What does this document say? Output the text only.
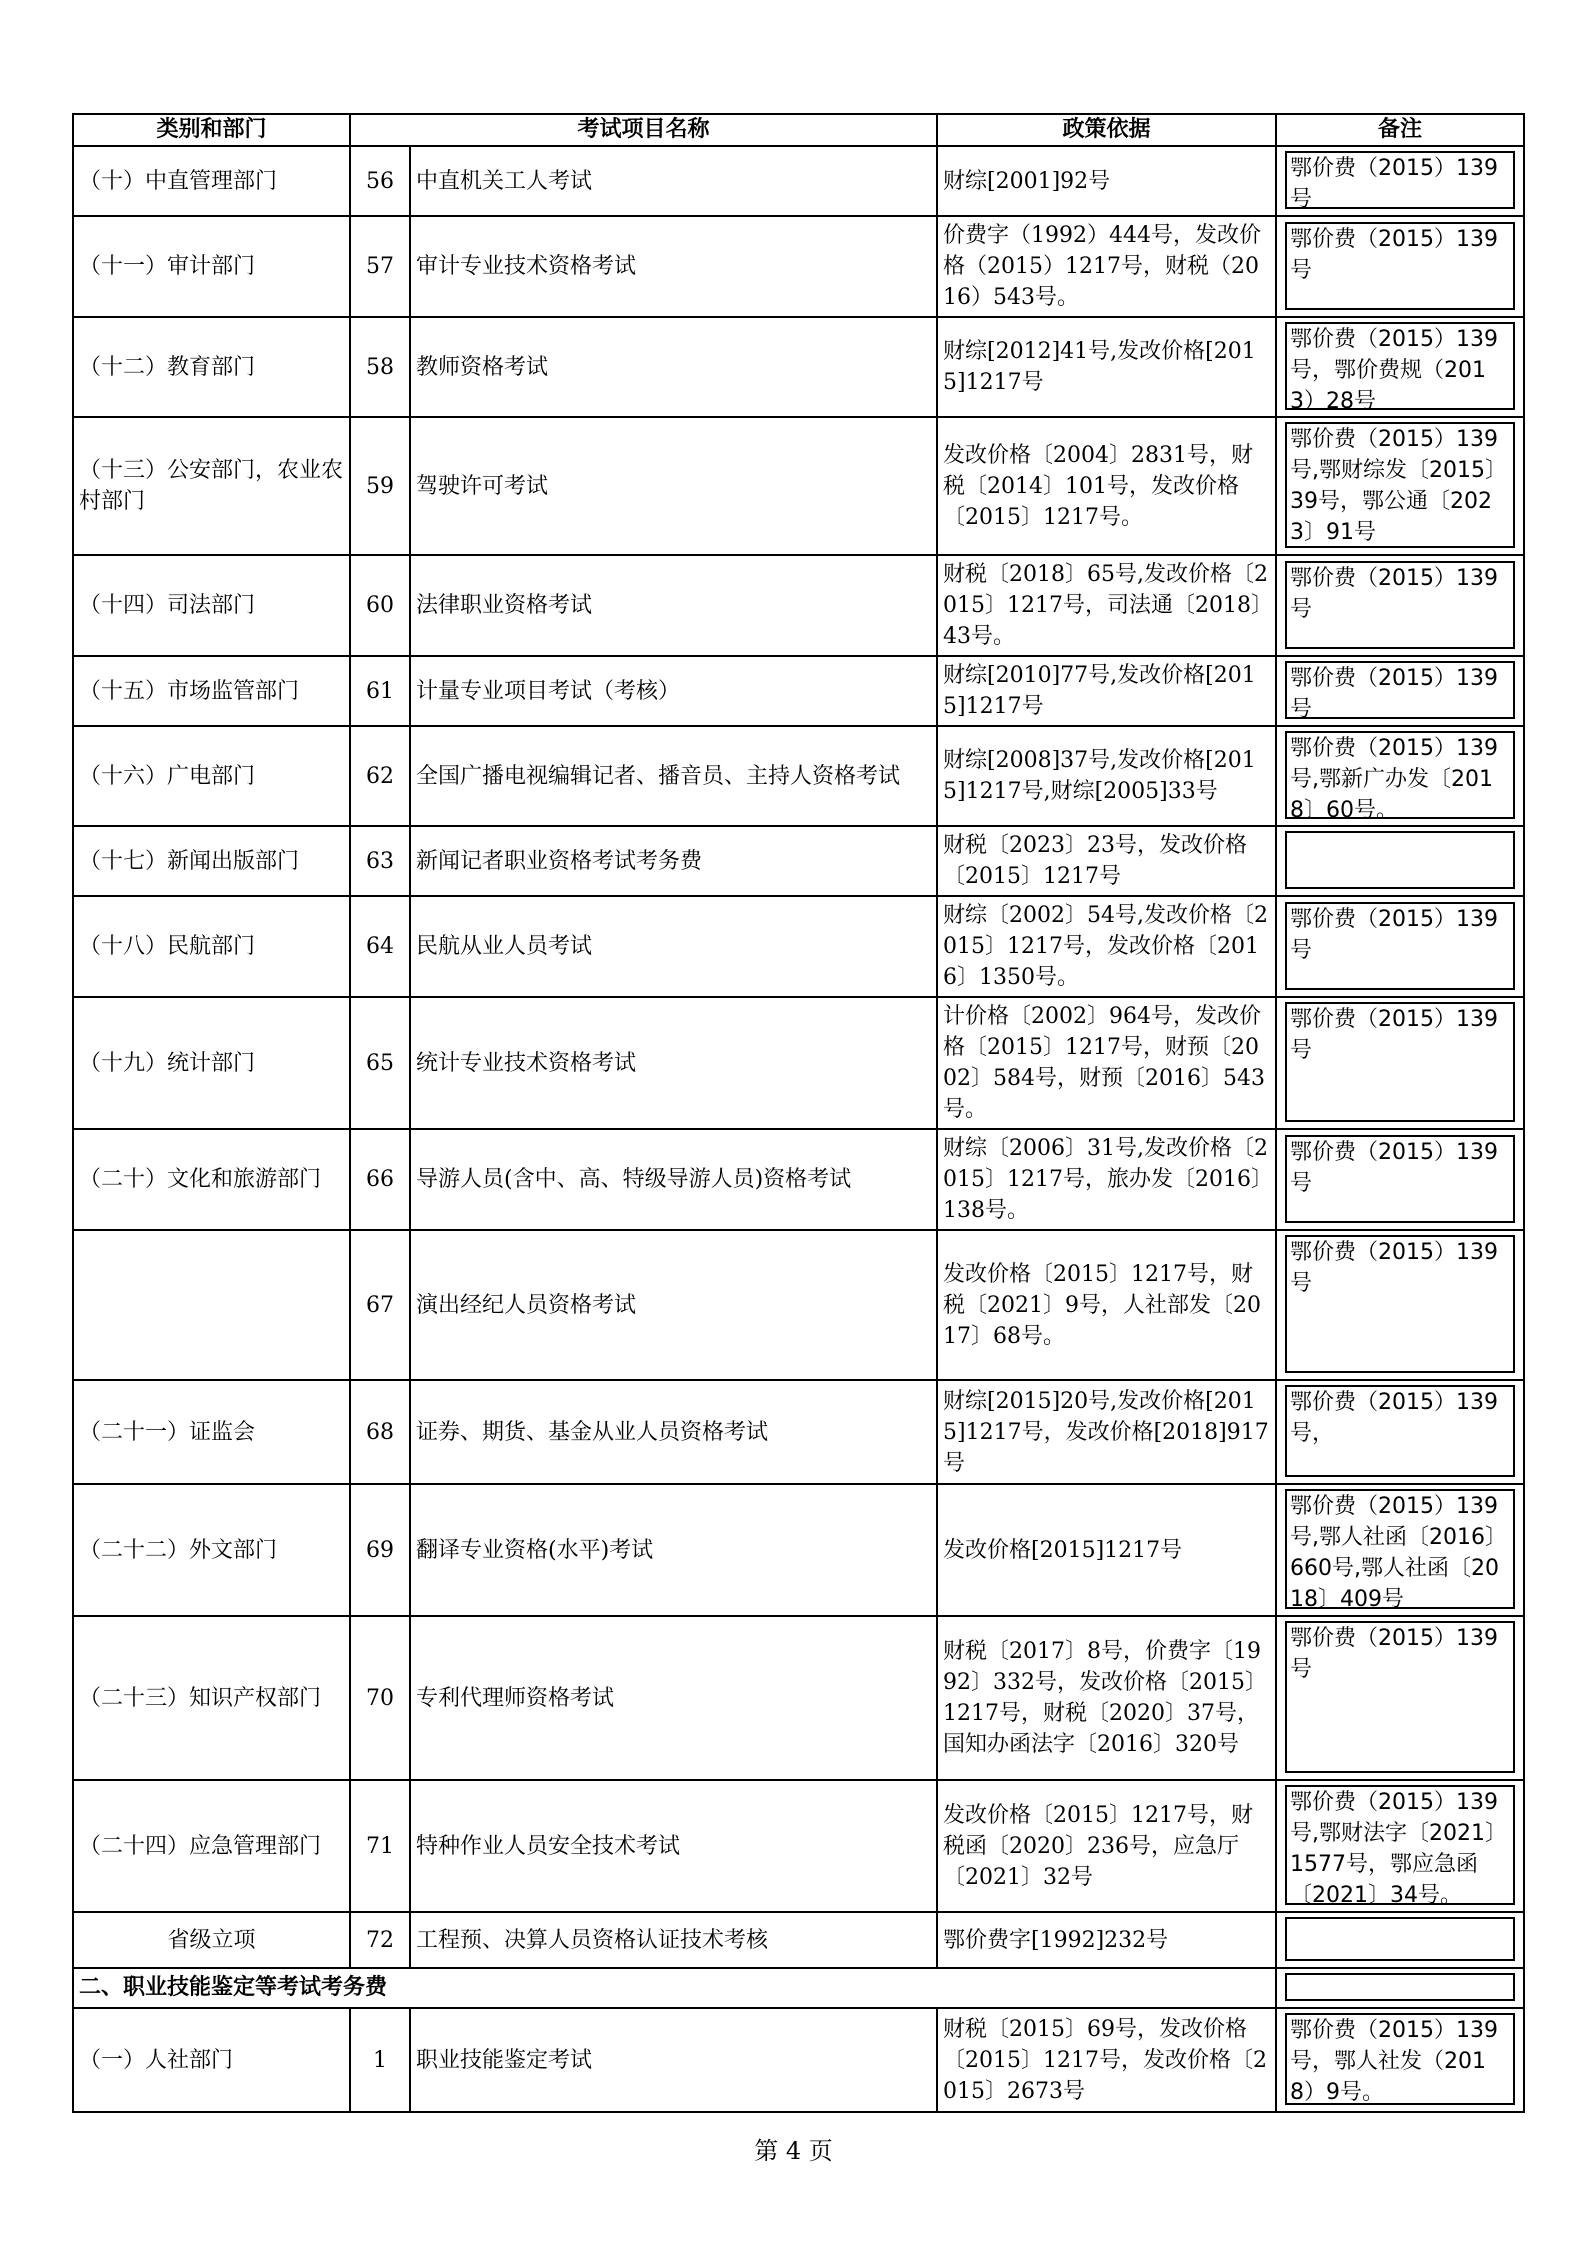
类别和部门	考试项目名称		政策依据	备注
（十）中直管理部门	56	中直机关工人考试	财综[2001]92号	鄂价费（2015）139号

（十一）审计部门	57	审计专业技术资格考试	价费字（1992）444号，发改价格（2015）1217号，财税（2016）543号。	鄂价费（2015）139号

（十二）教育部门	58	教师资格考试	财综[2012]41号,发改价格[2015]1217号	鄂价费（2015）139号，鄂价费规（2013）28号

（十三）公安部门，农业农村部门	59	驾驶许可考试	发改价格〔2004〕2831号，财税〔2014〕101号，发改价格〔2015〕1217号。	鄂价费（2015）139号,鄂财综发〔2015〕39号，鄂公通〔2023〕91号

（十四）司法部门	60	法律职业资格考试	财税〔2018〕65号,发改价格〔2015〕1217号，司法通〔2018〕43号。	鄂价费（2015）139号

（十五）市场监管部门	61	计量专业项目考试（考核）	财综[2010]77号,发改价格[2015]1217号	鄂价费（2015）139号

（十六）广电部门	62	全国广播电视编辑记者、播音员、主持人资格考试	财综[2008]37号,发改价格[2015]1217号,财综[2005]33号	鄂价费（2015）139号,鄂新广办发〔2018〕60号。

（十七）新闻出版部门	63	新闻记者职业资格考试考务费	财税〔2023〕23号，发改价格〔2015〕1217号	

（十八）民航部门	64	民航从业人员考试	财综〔2002〕54号,发改价格〔2015〕1217号，发改价格〔2016〕1350号。	鄂价费（2015）139号

（十九）统计部门	65	统计专业技术资格考试	计价格〔2002〕964号，发改价格〔2015〕1217号，财预〔2002〕584号，财预〔2016〕543号。	鄂价费（2015）139号

（二十）文化和旅游部门	66	导游人员(含中、高、特级导游人员)资格考试	财综〔2006〕31号,发改价格〔2015〕1217号，旅办发〔2016〕138号。	鄂价费（2015）139号

	67	演出经纪人员资格考试	发改价格〔2015〕1217号，财税〔2021〕9号，人社部发〔2017〕68号。	鄂价费（2015）139号

（二十一）证监会	68	证券、期货、基金从业人员资格考试	财综[2015]20号,发改价格[2015]1217号，发改价格[2018]917号	鄂价费（2015）139号，

（二十二）外文部门	69	翻译专业资格(水平)考试	发改价格[2015]1217号	鄂价费（2015）139号,鄂人社函〔2016〕660号,鄂人社函〔2018〕409号

（二十三）知识产权部门	70	专利代理师资格考试	财税〔2017〕8号，价费字〔1992〕332号，发改价格〔2015〕1217号，财税〔2020〕37号，国知办函法字〔2016〕320号	鄂价费（2015）139号

（二十四）应急管理部门	71	特种作业人员安全技术考试	发改价格〔2015〕1217号，财税函〔2020〕236号，应急厅〔2021〕32号	鄂价费（2015）139号,鄂财法字〔2021〕1577号，鄂应急函〔2021〕34号。

省级立项	72	工程预、决算人员资格认证技术考核	鄂价费字[1992]232号	

二、职业技能鉴定等考试考务费				

（一）人社部门	1	职业技能鉴定考试	财税〔2015〕69号，发改价格〔2015〕1217号，发改价格〔2015〕2673号	鄂价费（2015）139号，鄂人社发（2018）9号。
第 4 页
